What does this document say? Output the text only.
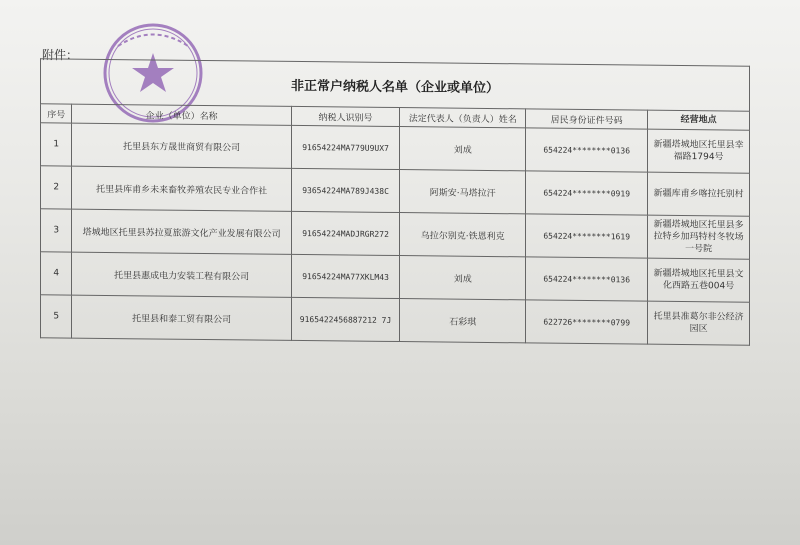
附件：
非正常户纳税人名单（企业或单位）					
序号	企业（单位）名称	纳税人识别号	法定代表人（负责人）姓名	居民身份证件号码	经营地点
1	托里县东方晟世商贸有限公司	91654224MA779U9UX7	刘成	654224********0136	新疆塔城地区托里县幸福路1794号
2	托里县库甫乡未来畜牧养殖农民专业合作社	93654224MA789J438C	阿斯安·马塔拉汗	654224********0919	新疆库甫乡喀拉托别村
3	塔城地区托里县苏拉夏旅游文化产业发展有限公司	91654224MADJRGR272	乌拉尔别克·铁恩利克	654224********1619	新疆塔城地区托里县多拉特乡加玛特村冬牧场一号院
4	托里县惠成电力安装工程有限公司	91654224MA77XKLM43	刘成	654224********0136	新疆塔城地区托里县文化西路五巷004号
5	托里县和泰工贸有限公司	9165422456887212 7J	石彩琪	622726********0799	托里县准葛尔非公经济园区
